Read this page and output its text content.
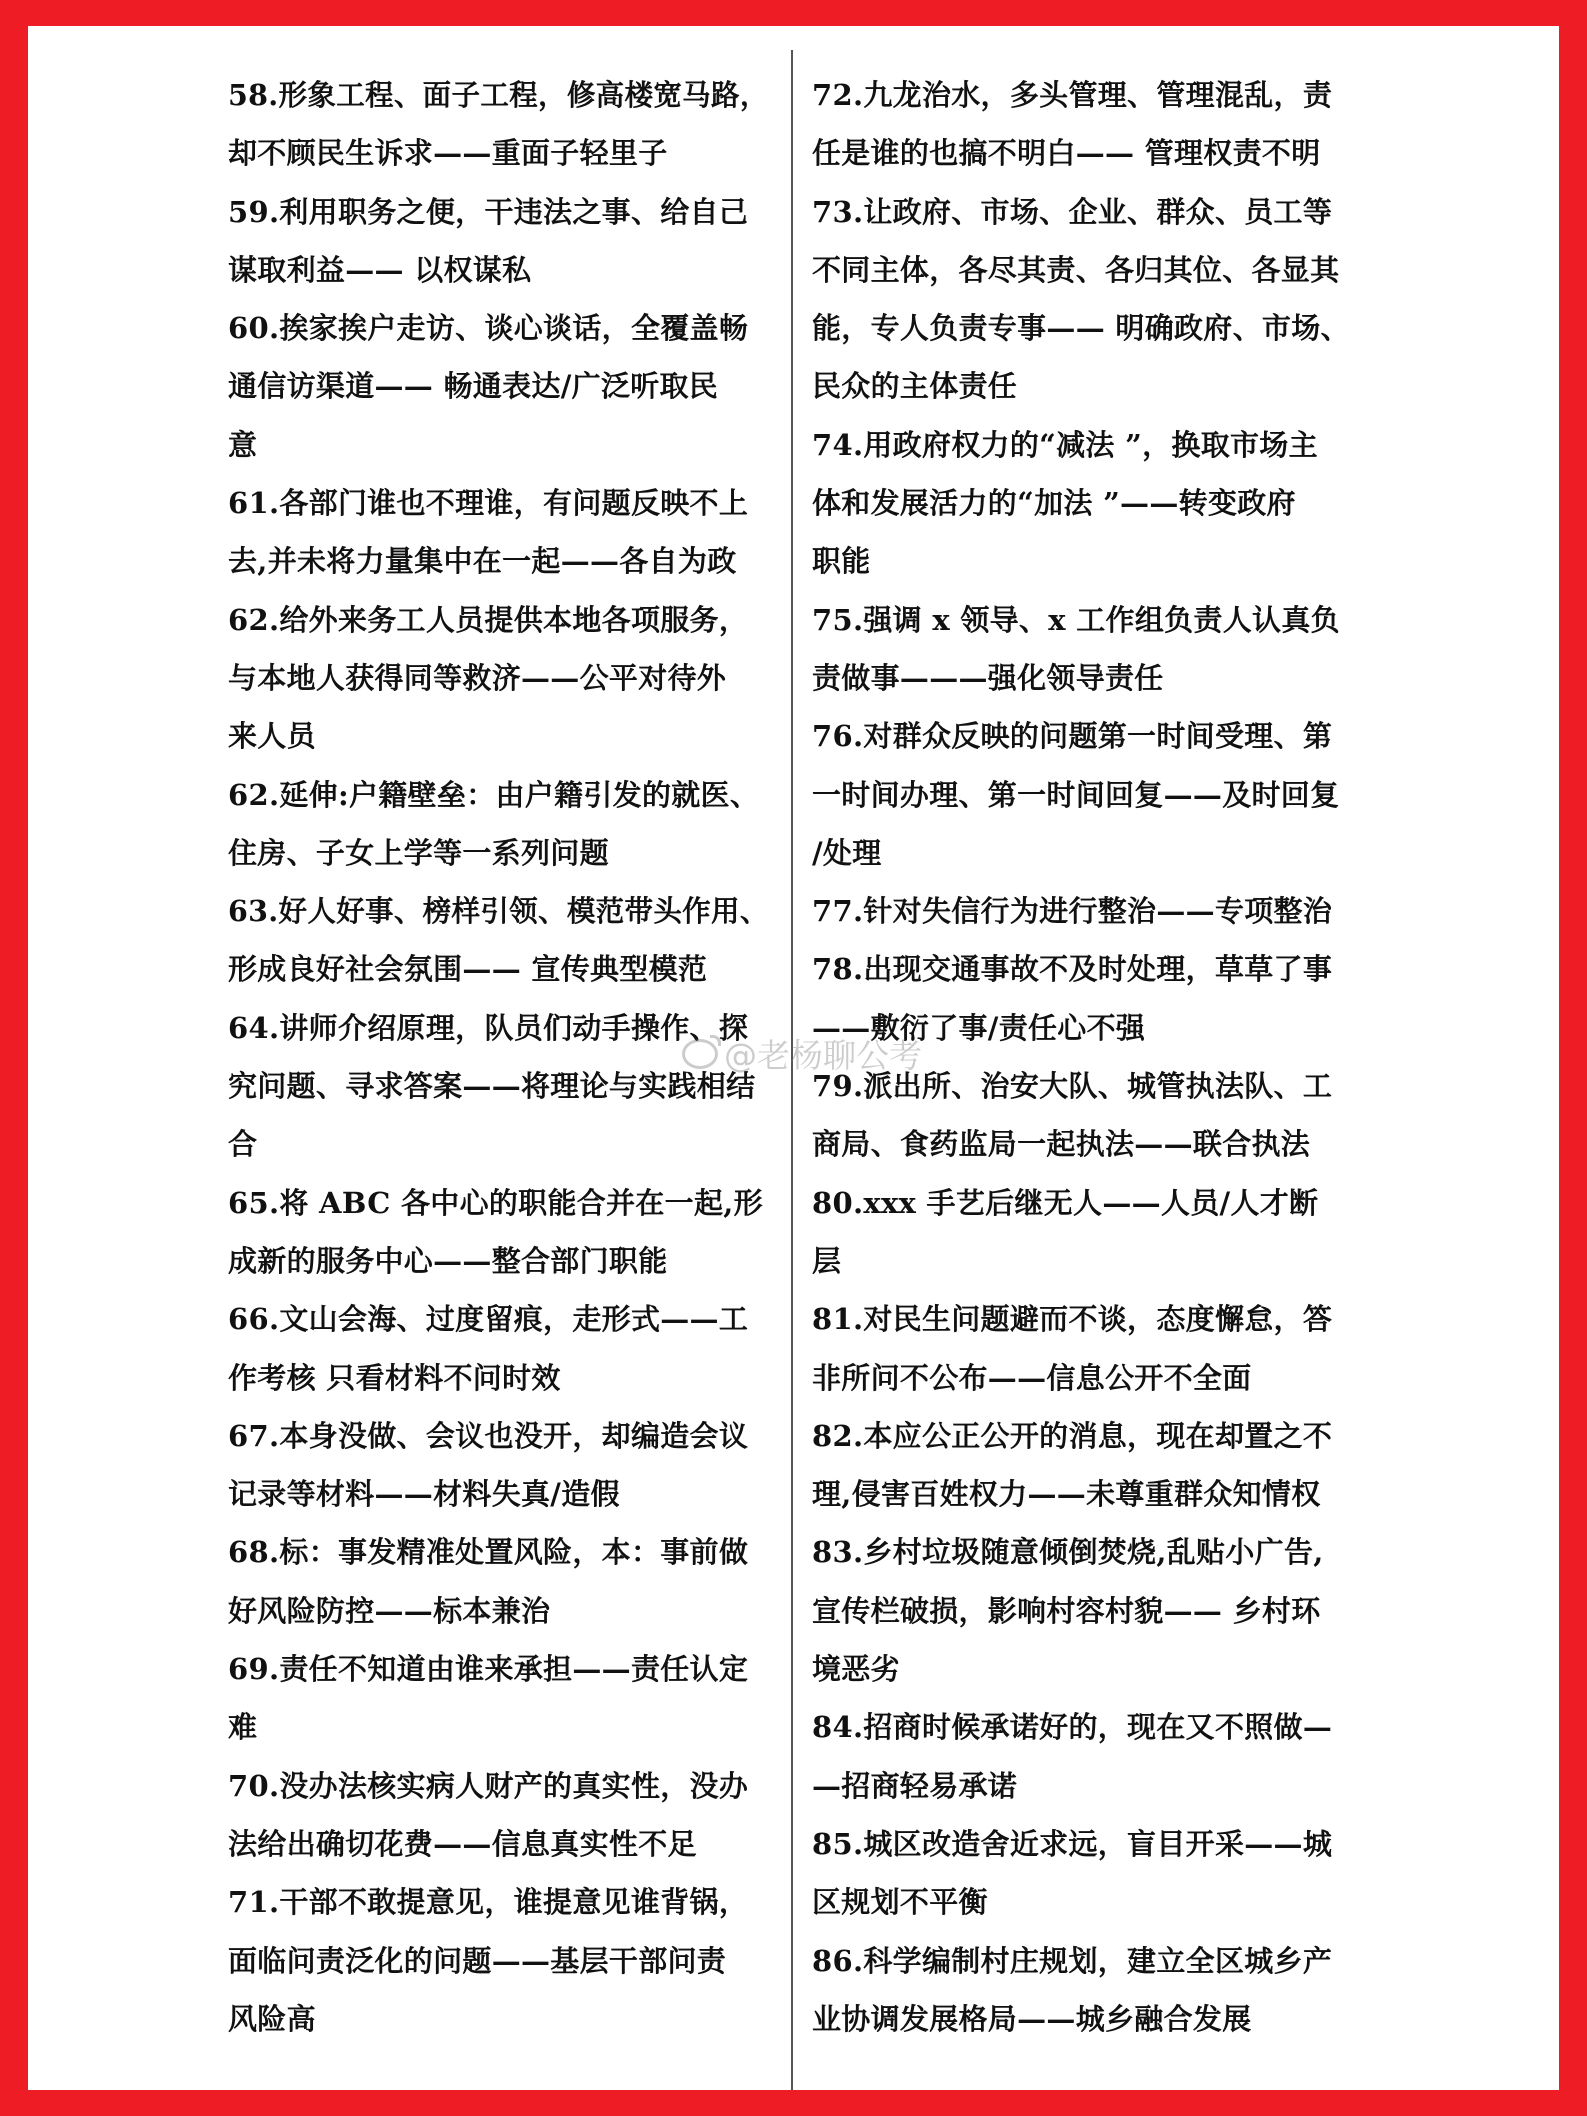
58.形象工程、面子工程，修高楼宽马路，
却不顾民生诉求——重面子轻里子
59.利用职务之便，干违法之事、给自己
谋取利益—— 以权谋私
60.挨家挨户走访、谈心谈话，全覆盖畅
通信访渠道—— 畅通表达/广泛听取民
意
61.各部门谁也不理谁，有问题反映不上
去,并未将力量集中在一起——各自为政
62.给外来务工人员提供本地各项服务，
与本地人获得同等救济——公平对待外
来人员
62.延伸:户籍壁垒：由户籍引发的就医、
住房、子女上学等一系列问题
63.好人好事、榜样引领、模范带头作用、
形成良好社会氛围—— 宣传典型模范
64.讲师介绍原理，队员们动手操作、探
究问题、寻求答案——将理论与实践相结
合
65.将 ABC 各中心的职能合并在一起,形
成新的服务中心——整合部门职能
66.文山会海、过度留痕，走形式——工
作考核 只看材料不问时效
67.本身没做、会议也没开，却编造会议
记录等材料——材料失真/造假
68.标：事发精准处置风险，本：事前做
好风险防控——标本兼治
69.责任不知道由谁来承担——责任认定
难
70.没办法核实病人财产的真实性，没办
法给出确切花费——信息真实性不足
71.干部不敢提意见，谁提意见谁背锅，
面临问责泛化的问题——基层干部问责
风险高
72.九龙治水，多头管理、管理混乱，责
任是谁的也搞不明白—— 管理权责不明
73.让政府、市场、企业、群众、员工等
不同主体，各尽其责、各归其位、各显其
能，专人负责专事—— 明确政府、市场、
民众的主体责任
74.用政府权力的“减法 ”，换取市场主
体和发展活力的“加法 ”——转变政府
职能
75.强调 x 领导、x 工作组负责人认真负
责做事———强化领导责任
76.对群众反映的问题第一时间受理、第
一时间办理、第一时间回复——及时回复
/处理
77.针对失信行为进行整治——专项整治
78.出现交通事故不及时处理，草草了事
——敷衍了事/责任心不强
79.派出所、治安大队、城管执法队、工
商局、食药监局一起执法——联合执法
80.xxx 手艺后继无人——人员/人才断
层
81.对民生问题避而不谈，态度懈怠，答
非所问不公布——信息公开不全面
82.本应公正公开的消息，现在却置之不
理,侵害百姓权力——未尊重群众知情权
83.乡村垃圾随意倾倒焚烧,乱贴小广告,
宣传栏破损，影响村容村貌—— 乡村环
境恶劣
84.招商时候承诺好的，现在又不照做—
—招商轻易承诺
85.城区改造舍近求远，盲目开采——城
区规划不平衡
86.科学编制村庄规划，建立全区城乡产
业协调发展格局——城乡融合发展
@老杨聊公考
